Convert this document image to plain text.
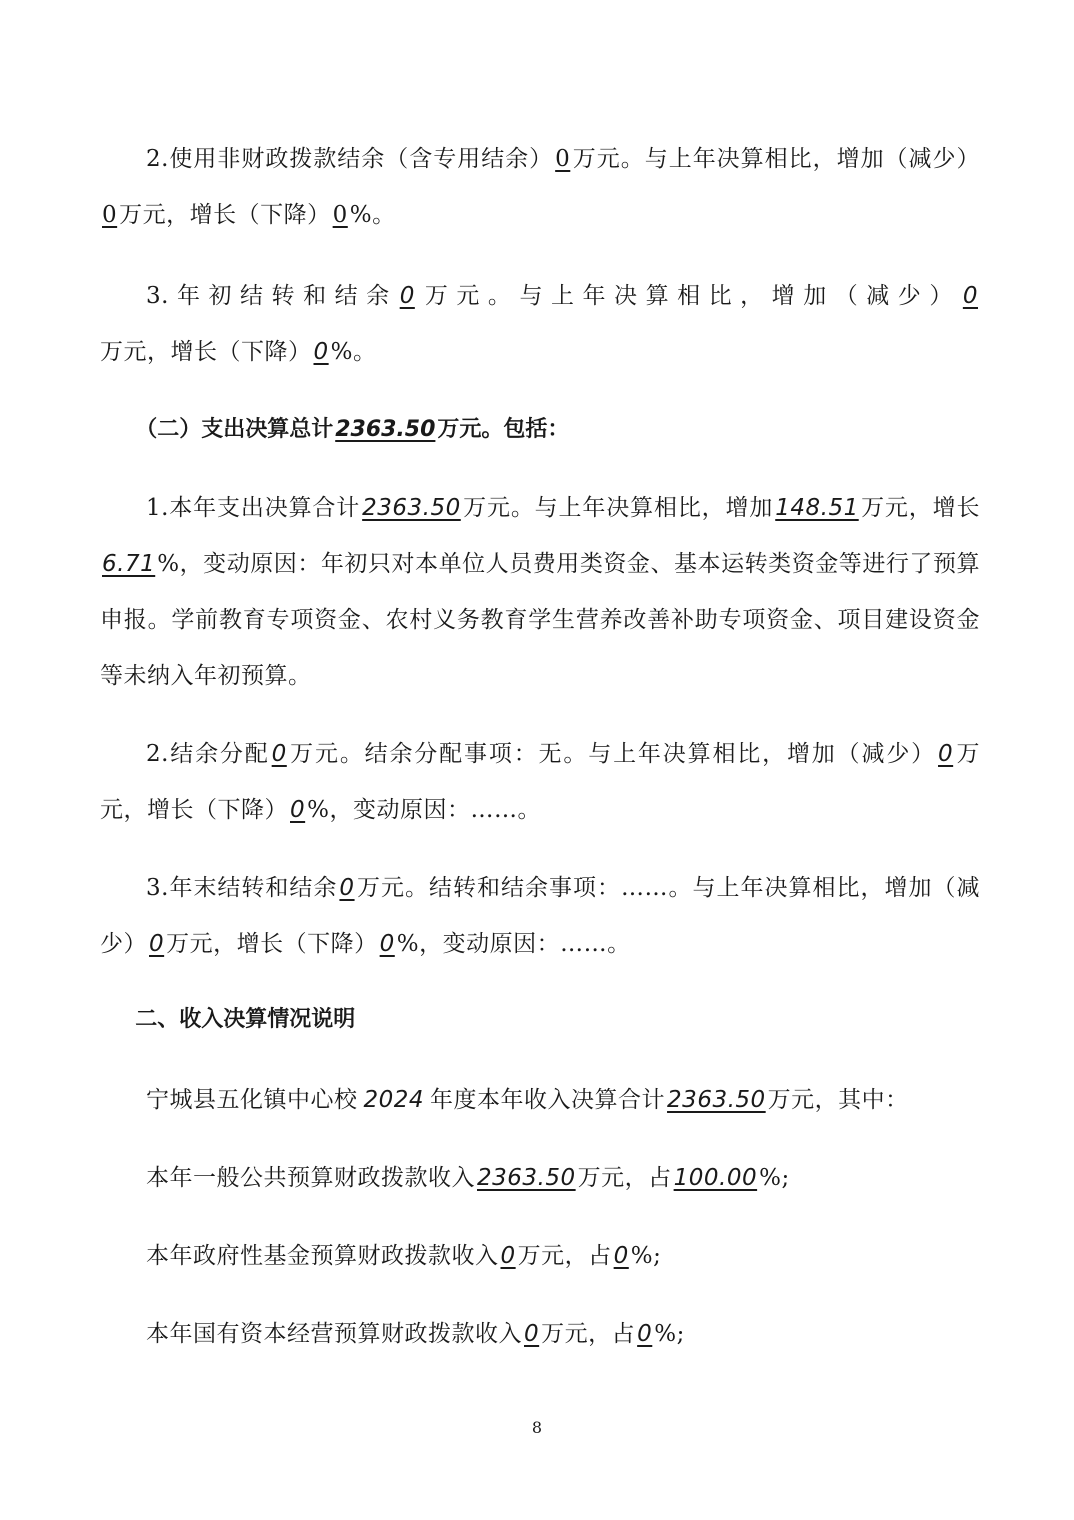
2.使用非财政拨款结余（含专用结余）0万元。与上年决算相比，增加（减少）0万元，增长（下降）0%。

3.年初结转和结余0万元。与上年决算相比，增加（减少）0万元，增长（下降）0%。

（二）支出决算总计2363.50万元。包括：

1.本年支出决算合计2363.50万元。与上年决算相比，增加148.51万元，增长6.71%，变动原因：年初只对本单位人员费用类资金、基本运转类资金等进行了预算申报。学前教育专项资金、农村义务教育学生营养改善补助专项资金、项目建设资金等未纳入年初预算。

2.结余分配0万元。结余分配事项：无。与上年决算相比，增加（减少）0万元，增长（下降）0%，变动原因：……。

3.年末结转和结余0万元。结转和结余事项：……。与上年决算相比，增加（减少）0万元，增长（下降）0%，变动原因：……。

二、收入决算情况说明

宁城县五化镇中心校 2024 年度本年收入决算合计2363.50万元，其中：

本年一般公共预算财政拨款收入2363.50万元，占100.00%;

本年政府性基金预算财政拨款收入0万元，占0%;

本年国有资本经营预算财政拨款收入0万元，占0%;

8
